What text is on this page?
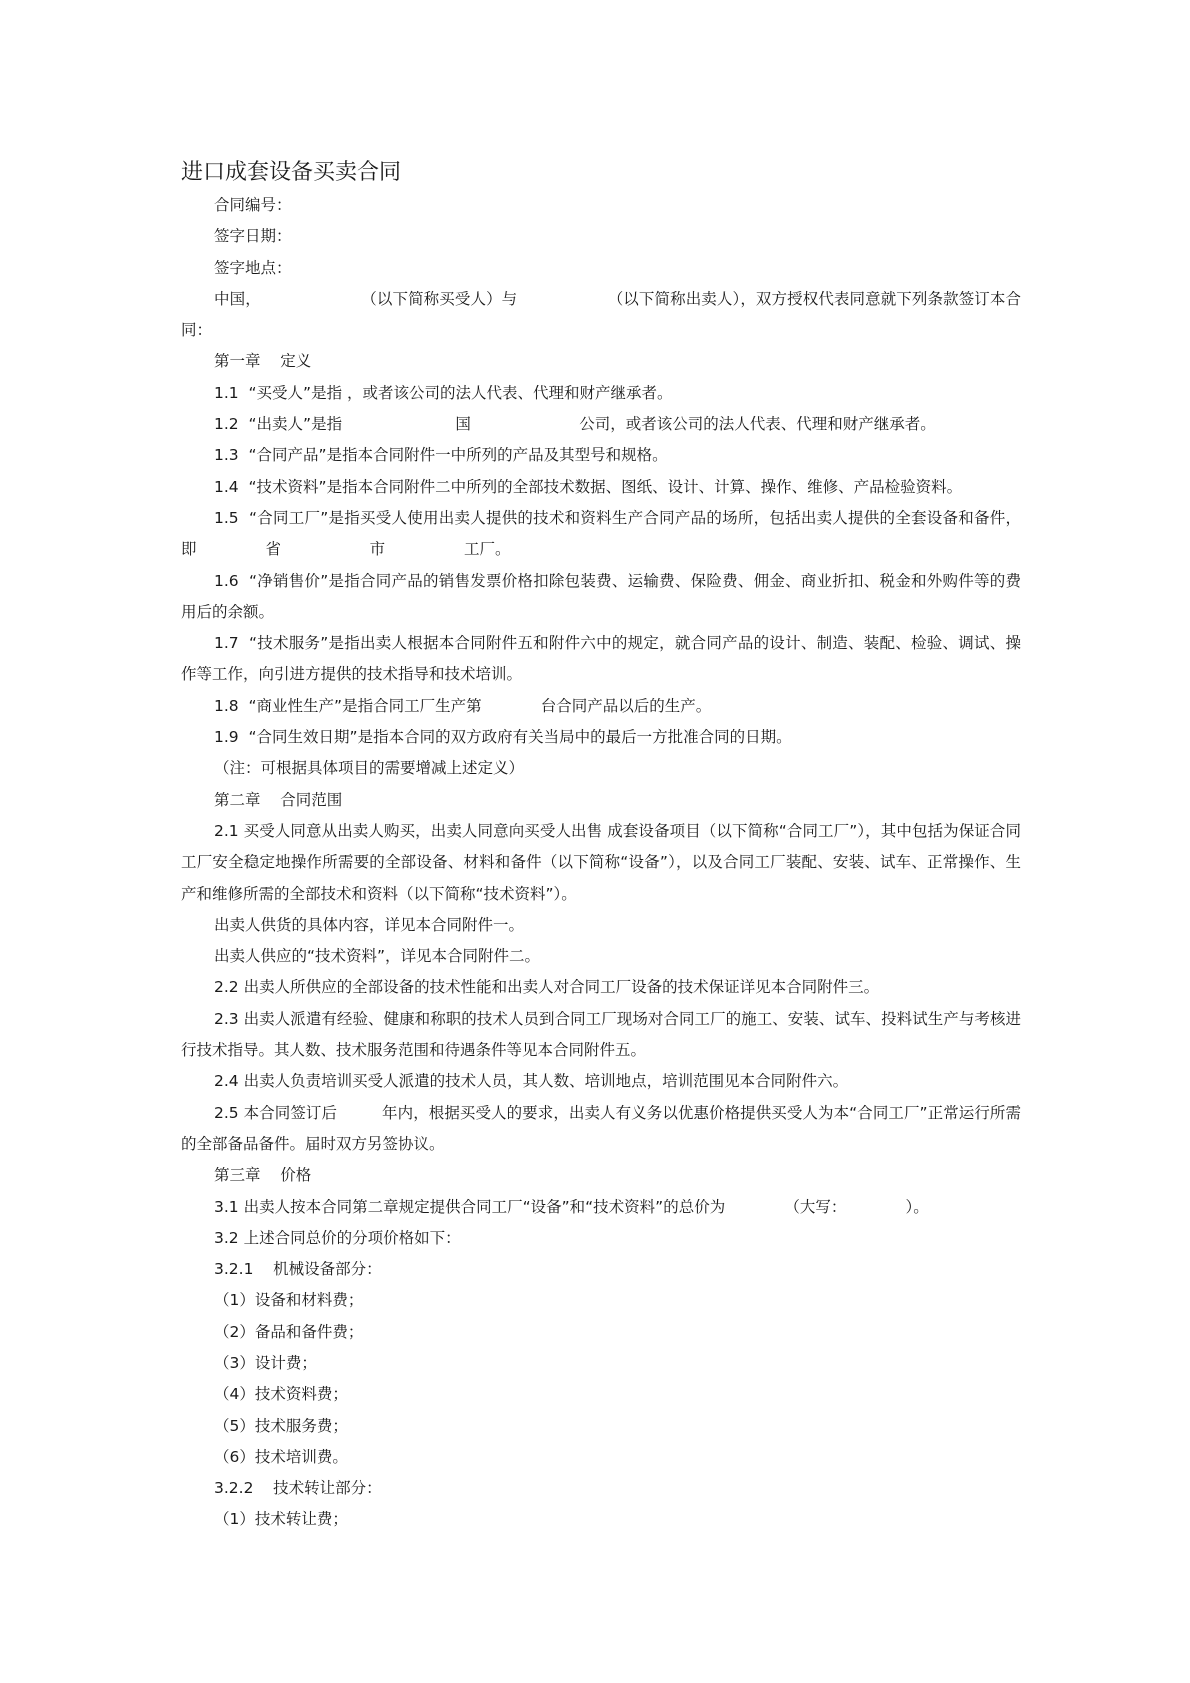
进口成套设备买卖合同

合同编号：

签字日期：

签字地点：

中国，                    （以下简称买受人）与                  （以下简称出卖人），双方授权代表同意就下列条款签订本合同：

第一章    定义

1.1  “买受人”是指 ，或者该公司的法人代表、代理和财产继承者。

1.2  “出卖人”是指                       国                      公司，或者该公司的法人代表、代理和财产继承者。

1.3  “合同产品”是指本合同附件一中所列的产品及其型号和规格。

1.4  “技术资料”是指本合同附件二中所列的全部技术数据、图纸、设计、计算、操作、维修、产品检验资料。

1.5  “合同工厂”是指买受人使用出卖人提供的技术和资料生产合同产品的场所，包括出卖人提供的全套设备和备件，即              省                  市                工厂。

1.6  “净销售价”是指合同产品的销售发票价格扣除包装费、运输费、保险费、佣金、商业折扣、税金和外购件等的费用后的余额。

1.7  “技术服务”是指出卖人根据本合同附件五和附件六中的规定，就合同产品的设计、制造、装配、检验、调试、操作等工作，向引进方提供的技术指导和技术培训。

1.8  “商业性生产”是指合同工厂生产第            台合同产品以后的生产。

1.9  “合同生效日期”是指本合同的双方政府有关当局中的最后一方批准合同的日期。

（注：可根据具体项目的需要增减上述定义）

第二章    合同范围

2.1 买受人同意从出卖人购买，出卖人同意向买受人出售 成套设备项目（以下简称“合同工厂”），其中包括为保证合同工厂安全稳定地操作所需要的全部设备、材料和备件（以下简称“设备”），以及合同工厂装配、安装、试车、正常操作、生产和维修所需的全部技术和资料（以下简称“技术资料”）。

出卖人供货的具体内容，详见本合同附件一。

出卖人供应的“技术资料”，详见本合同附件二。

2.2 出卖人所供应的全部设备的技术性能和出卖人对合同工厂设备的技术保证详见本合同附件三。

2.3 出卖人派遣有经验、健康和称职的技术人员到合同工厂现场对合同工厂的施工、安装、试车、投料试生产与考核进行技术指导。其人数、技术服务范围和待遇条件等见本合同附件五。

2.4 出卖人负责培训买受人派遣的技术人员，其人数、培训地点，培训范围见本合同附件六。

2.5 本合同签订后         年内，根据买受人的要求，出卖人有义务以优惠价格提供买受人为本“合同工厂”正常运行所需的全部备品备件。届时双方另签协议。

第三章    价格

3.1 出卖人按本合同第二章规定提供合同工厂“设备”和“技术资料”的总价为            （大写：            ）。

3.2 上述合同总价的分项价格如下：

3.2.1    机械设备部分：

（1）设备和材料费；

（2）备品和备件费；

（3）设计费；

（4）技术资料费；

（5）技术服务费；

（6）技术培训费。

3.2.2    技术转让部分：

（1）技术转让费；
